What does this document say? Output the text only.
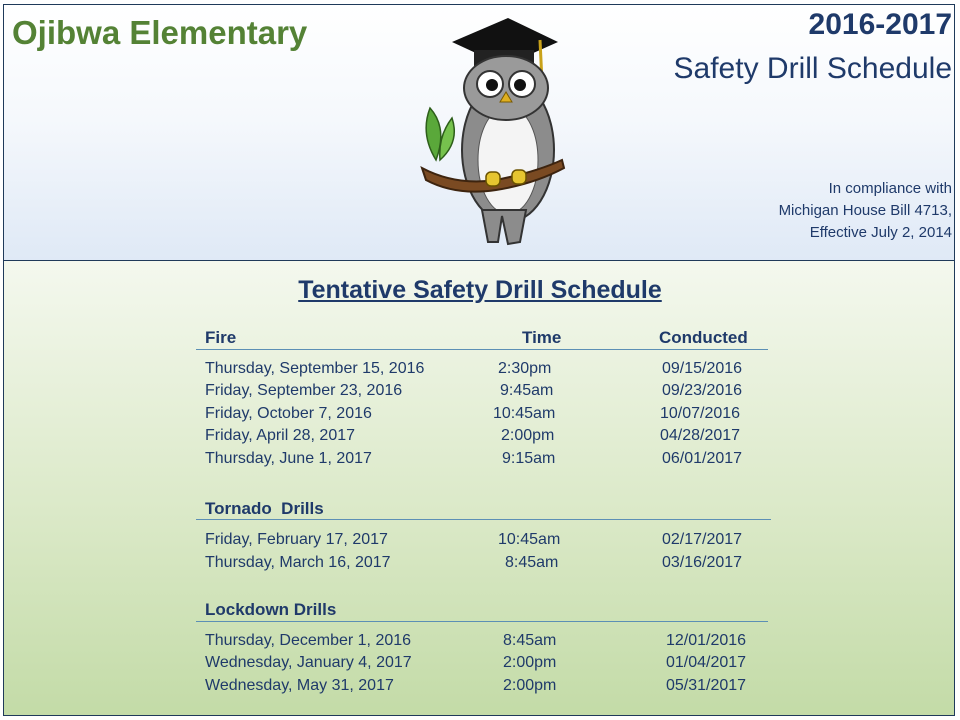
Ojibwa Elementary	2016-2017
Safety Drill Schedule
In compliance with
Michigan House Bill 4713,
Effective July 2, 2014
Tentative Safety Drill Schedule
Fire	Time	Conducted
Thursday, September 15, 2016	2:30pm	09/15/2016
Friday, September 23, 2016	9:45am	09/23/2016
Friday, October 7, 2016	10:45am	10/07/2016
Friday, April 28, 2017	2:00pm	04/28/2017
Thursday, June 1, 2017	9:15am	06/01/2017
Tornado  Drills
Friday, February 17, 2017	10:45am	02/17/2017
Thursday, March 16, 2017	8:45am	03/16/2017
Lockdown Drills
Thursday, December 1, 2016	8:45am	12/01/2016
Wednesday, January 4, 2017	2:00pm	01/04/2017
Wednesday, May 31, 2017	2:00pm	05/31/2017
